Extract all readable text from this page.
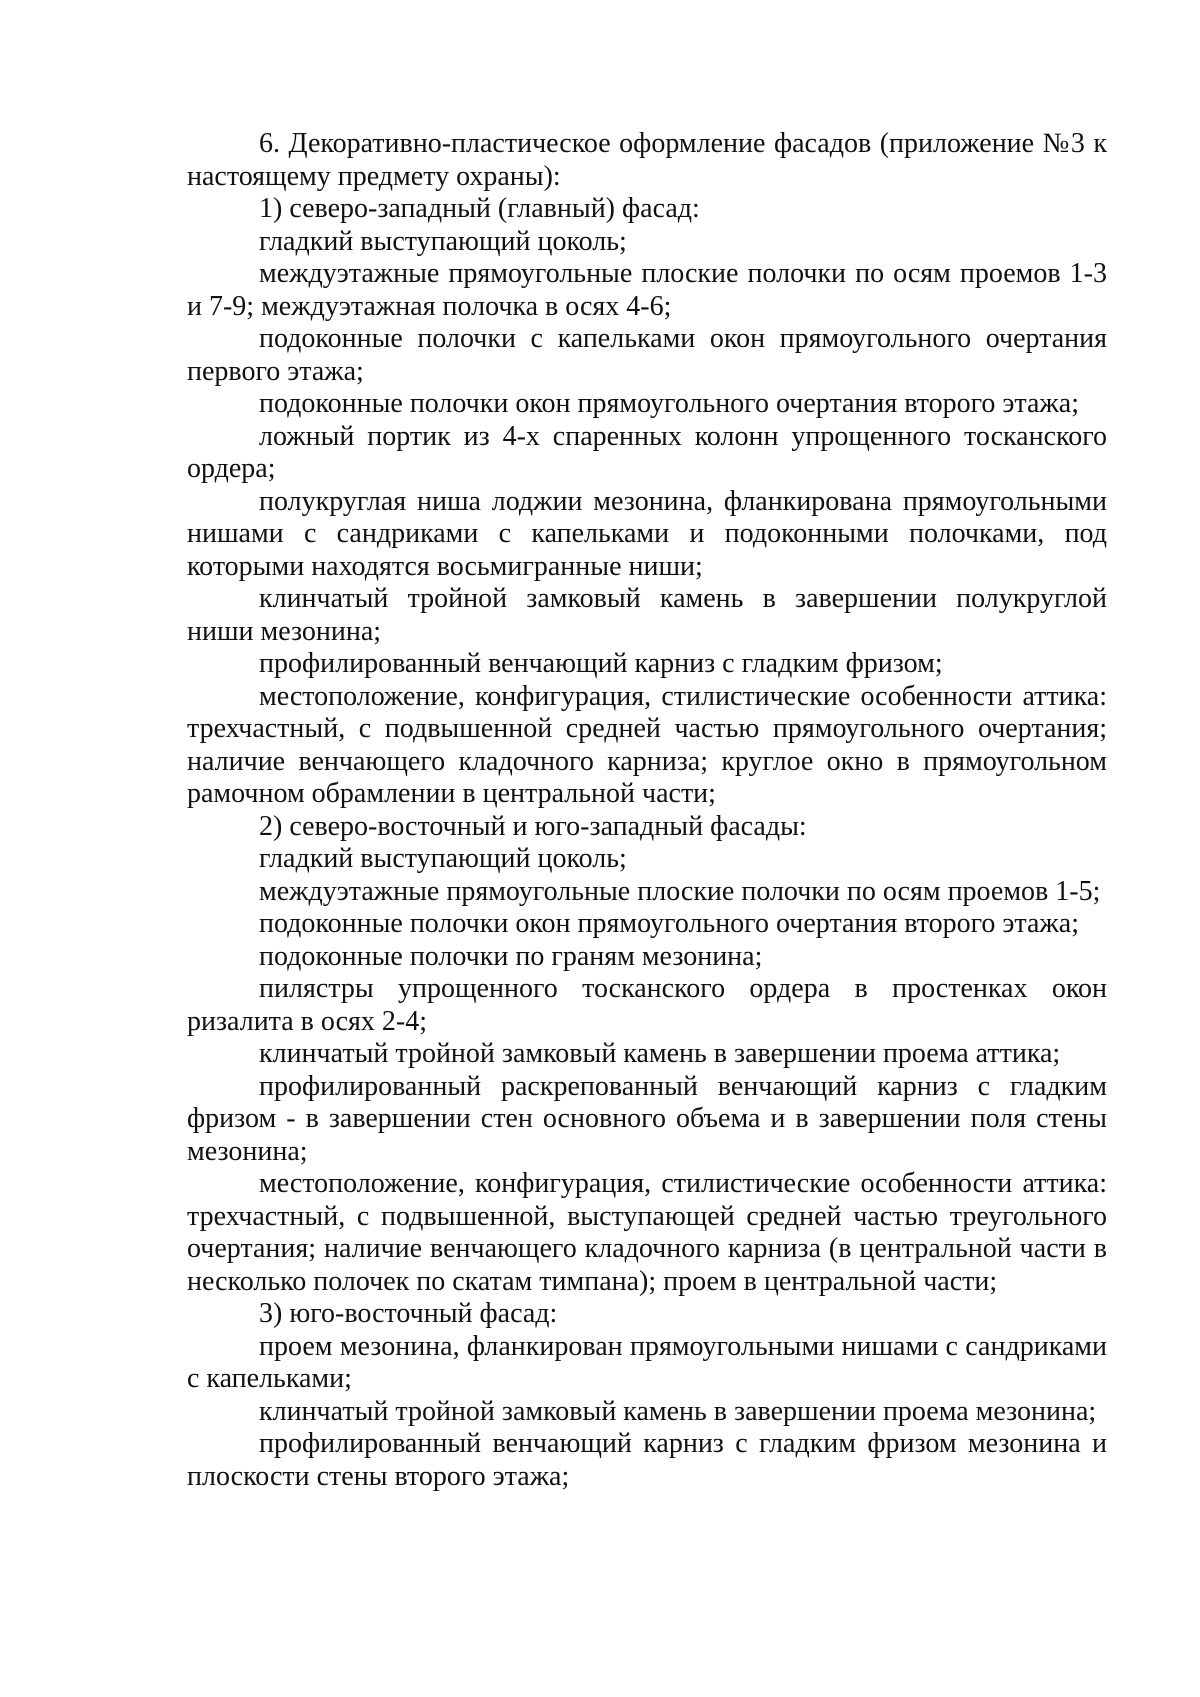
6. Декоративно-пластическое оформление фасадов (приложение №3 к настоящему предмету охраны):

1) северо-западный (главный) фасад:

гладкий выступающий цоколь;

междуэтажные прямоугольные плоские полочки по осям проемов 1-3 и 7-9; междуэтажная полочка в осях 4-6;

подоконные полочки с капельками окон прямоугольного очертания первого этажа;

подоконные полочки окон прямоугольного очертания второго этажа;

ложный портик из 4-х спаренных колонн упрощенного тосканского ордера;

полукруглая ниша лоджии мезонина, фланкирована прямоугольными нишами с сандриками с капельками и подоконными полочками, под которыми находятся восьмигранные ниши;

клинчатый тройной замковый камень в завершении полукруглой ниши мезонина;

профилированный венчающий карниз с гладким фризом;

местоположение, конфигурация, стилистические особенности аттика: трехчастный, с подвышенной средней частью прямоугольного очертания; наличие венчающего кладочного карниза; круглое окно в прямоугольном рамочном обрамлении в центральной части;

2) северо-восточный и юго-западный фасады:

гладкий выступающий цоколь;

междуэтажные прямоугольные плоские полочки по осям проемов 1-5;

подоконные полочки окон прямоугольного очертания второго этажа;

подоконные полочки по граням мезонина;

пилястры упрощенного тосканского ордера в простенках окон ризалита в осях 2-4;

клинчатый тройной замковый камень в завершении проема аттика;

профилированный раскрепованный венчающий карниз с гладким фризом - в завершении стен основного объема и в завершении поля стены мезонина;

местоположение, конфигурация, стилистические особенности аттика: трехчастный, с подвышенной, выступающей средней частью треугольного очертания; наличие венчающего кладочного карниза (в центральной части в несколько полочек по скатам тимпана); проем в центральной части;

3) юго-восточный фасад:

проем мезонина, фланкирован прямоугольными нишами с сандриками с капельками;

клинчатый тройной замковый камень в завершении проема мезонина;

профилированный венчающий карниз с гладким фризом мезонина и плоскости стены второго этажа;
